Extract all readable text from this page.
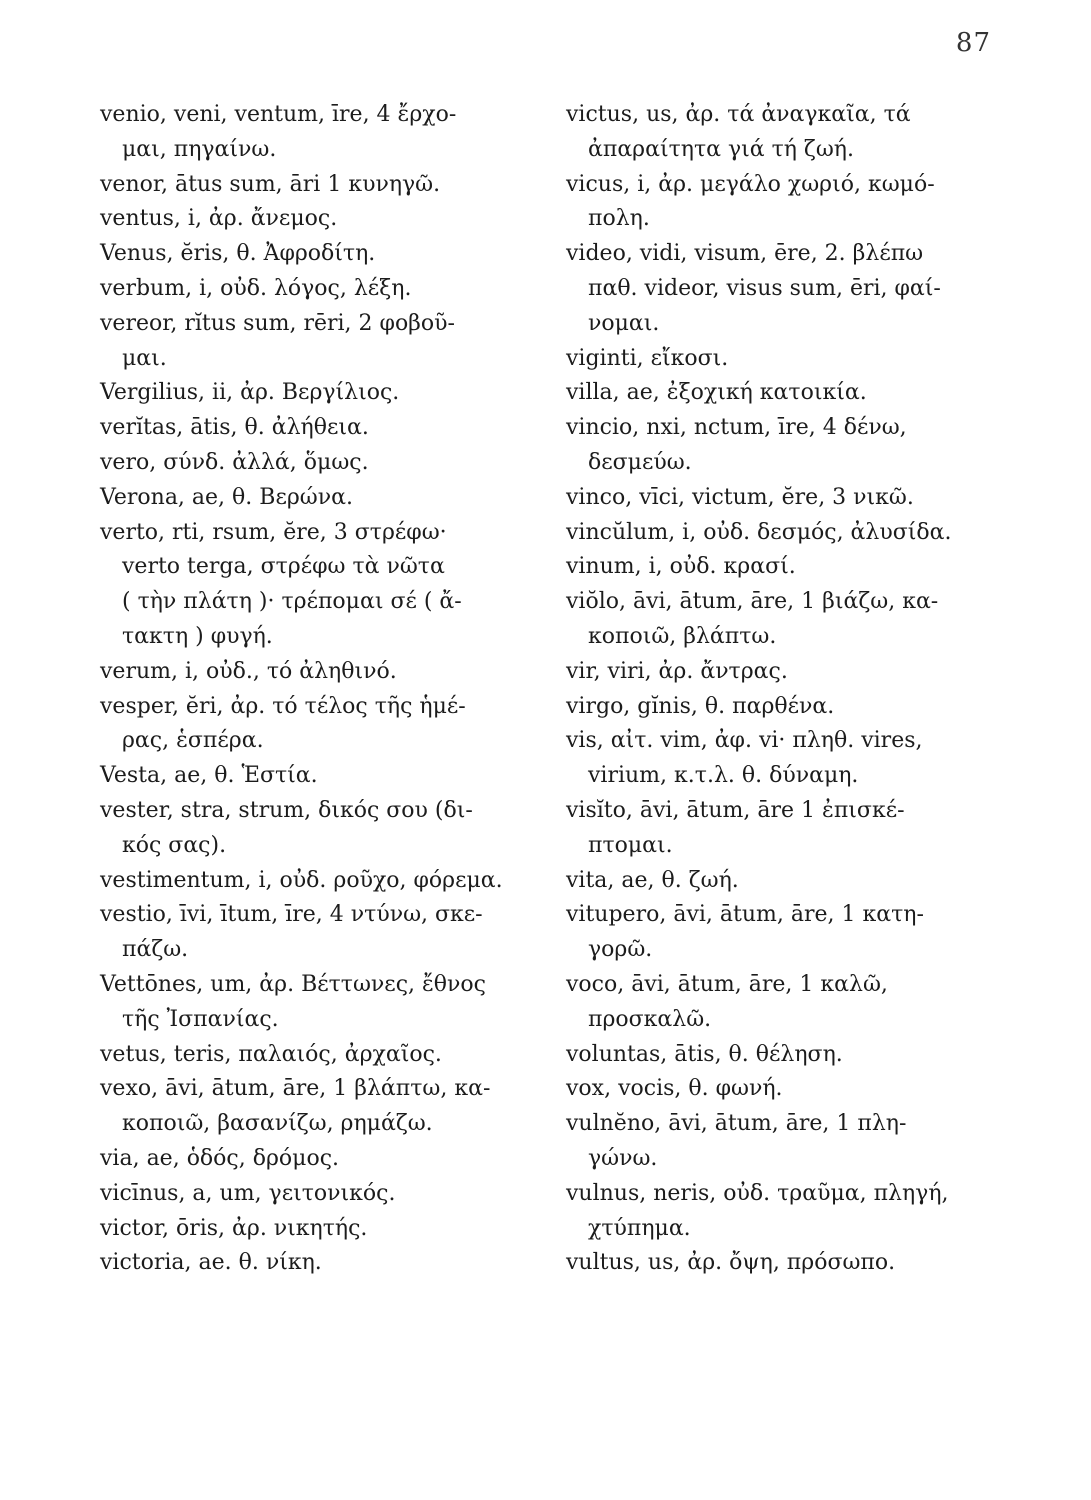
87
venio, veni, ventum, īre, 4 ἔρχο-
μαι, πηγαίνω.
venor, ātus sum, āri 1 κυνηγῶ.
ventus, i, ἀρ. ἄνεμος.
Venus, ĕris, θ. Ἀφροδίτη.
verbum, i, οὐδ. λόγος, λέξη.
vereor, rĭtus sum, rēri, 2 φοβοῦ-
μαι.
Vergilius, ii, ἀρ. Βεργίλιος.
verĭtas, ātis, θ. ἀλήθεια.
vero, σύνδ. ἀλλά, ὅμως.
Verona, ae, θ. Βερώνα.
verto, rti, rsum, ĕre, 3 στρέφω·
verto terga, στρέφω τὰ νῶτα
( τὴν πλάτη )· τρέπομαι σέ ( ἄ-
τακτη ) φυγή.
verum, i, οὐδ., τό ἀληθινό.
vesper, ĕri, ἀρ. τό τέλος τῆς ἡμέ-
ρας, ἑσπέρα.
Vesta, ae, θ. Ἑστία.
vester, stra, strum, δικός σου (δι-
κός σας).
vestimentum, i, οὐδ. ροῦχο, φόρεμα.
vestio, īvi, ītum, īre, 4 ντύνω, σκε-
πάζω.
Vettōnes, um, ἀρ. Βέττωνες, ἔθνος
τῆς Ἰσπανίας.
vetus, teris, παλαιός, ἀρχαῖος.
vexo, āvi, ātum, āre, 1 βλάπτω, κα-
κοποιῶ, βασανίζω, ρημάζω.
via, ae, ὁδός, δρόμος.
vicīnus, a, um, γειτονικός.
victor, ōris, ἀρ. νικητής.
victoria, ae. θ. νίκη.
victus, us, ἀρ. τά ἀναγκαῖα, τά
ἀπαραίτητα γιά τή ζωή.
vicus, i, ἀρ. μεγάλο χωριό, κωμό-
πολη.
video, vidi, visum, ēre, 2. βλέπω
παθ. videor, visus sum, ēri, φαί-
νομαι.
viginti, εἴκοσι.
villa, ae, ἐξοχική κατοικία.
vincio, nxi, nctum, īre, 4 δένω,
δεσμεύω.
vinco, vīci, victum, ĕre, 3 νικῶ.
vincŭlum, i, οὐδ. δεσμός, ἀλυσίδα.
vinum, i, οὐδ. κρασί.
viŏlo, āvi, ātum, āre, 1 βιάζω, κα-
κοποιῶ, βλάπτω.
vir, viri, ἀρ. ἄντρας.
virgo, gĭnis, θ. παρθένα.
vis, αἰτ. vim, ἀφ. vi· πληθ. vires,
virium, κ.τ.λ. θ. δύναμη.
visĭto, āvi, ātum, āre 1 ἐπισκέ-
πτομαι.
vita, ae, θ. ζωή.
vitupero, āvi, ātum, āre, 1 κατη-
γορῶ.
voco, āvi, ātum, āre, 1 καλῶ,
προσκαλῶ.
voluntas, ātis, θ. θέληση.
vox, vocis, θ. φωνή.
vulnĕno, āvi, ātum, āre, 1 πλη-
γώνω.
vulnus, neris, οὐδ. τραῦμα, πληγή,
χτύπημα.
vultus, us, ἀρ. ὄψη, πρόσωπο.
